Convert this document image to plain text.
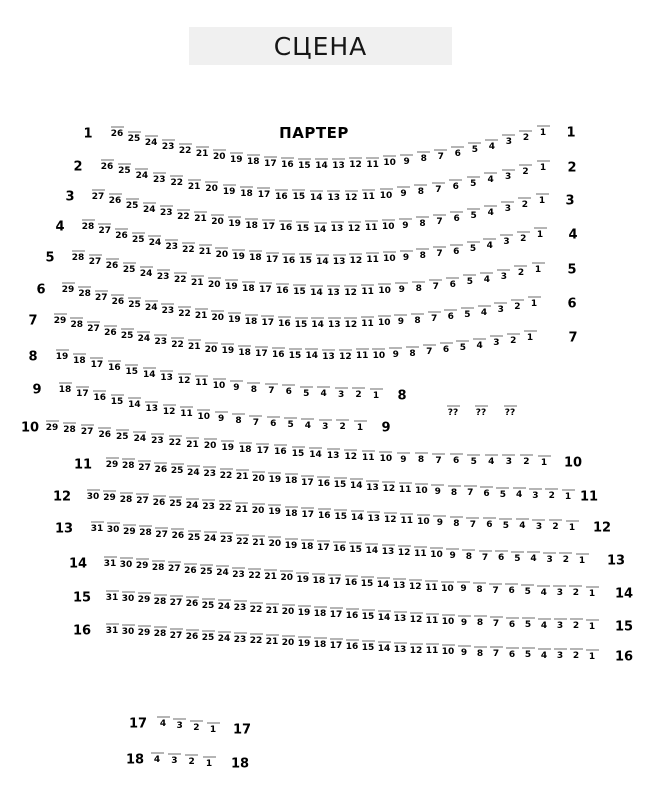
СЦЕНА
ПАРТЕР
1 26
25 24 23 22 21 20 19 18 17 16 15 14 13 12 11 10 9 8 7 6 5 4 3 2
1 1
2 26 25 24 23 22 21 20 19 18 17 16 15 14 13 12 11 10 9 8 7 6 5 4 3 2 1 2
3 27 26 25 24 23 22 21 20 19 18 17 16 15 14 13 12 11 10 9 8 7 6 5 4 3 2 1 3
4 28 27 26 25 24 23 22 21 20 19 18 17 16 15 14 13 12 11 10 9 8 7 6 5 4 3 2 1 4
5 28 27 26 25 24 23 22 21 20 19 18 17 16 15 14 13 12 11 10 9 8 7 6 5 4 3 2 1 5
6 29 28 27 26 25 24 23 22 21 20 19 18 17 16 15 14 13 12 11 10 9 8 7 6 5 4 3 2 1 6
7 29 28 27 26 25 24 23 22 21 20 19 18 17 16 15 14 13 12 11 10 9 8 7 6 5 4 3 2 1	7
8 19 18 17 16 15 14 13 12 11 10 9 8 7 6 5 4 3 2 1 8
9 18 17 16 15 14 13 12 11 10 9 8 7 6 5 4 3 2 1 9
10 29 28 27 26 25 24 23 22 21 20 19 18 17 16 15 14 13 12 11 10 9 8 7 6 5 4 3 2 1 10
11 29 28 27 26 25 24 23 22 21 20 19 18 17 16 15 14 13 12 11 10 9 8 7 6 5 4 3 2 1 11
12 30 29 28 27 26 25 24 23 22 21 20 19 18 17 16 15 14 13 12 11 10 9 8 7 6 5 4 3 2 1 12
13 31 30 29 28 27 26 25 24 23 22 21 20 19 18 17 16 15 14 13 12 11 10 9 8 7 6 5 4 3 2 1 13
14 31 30 29 28 27 26 25 24 23 22 21 20 19 18 17 16 15 14 13 12 11 10 9 8 7 6 5 4 3 2 1 14
15 31 30 29 28 27 26 25 24 23 22 21 20 19 18 17 16 15 14 13 12 11 10 9 8 7 6 5 4 3 2 1 15
16 31 30 29 28 27 26 25 24 23 22 21 20 19 18 17 16 15 14 13 12 11 10 9 8 7 6 5 4 3 2 1 16
17 4 3 2 1 17
18 4 3 2 1 18
?? ?? ??
